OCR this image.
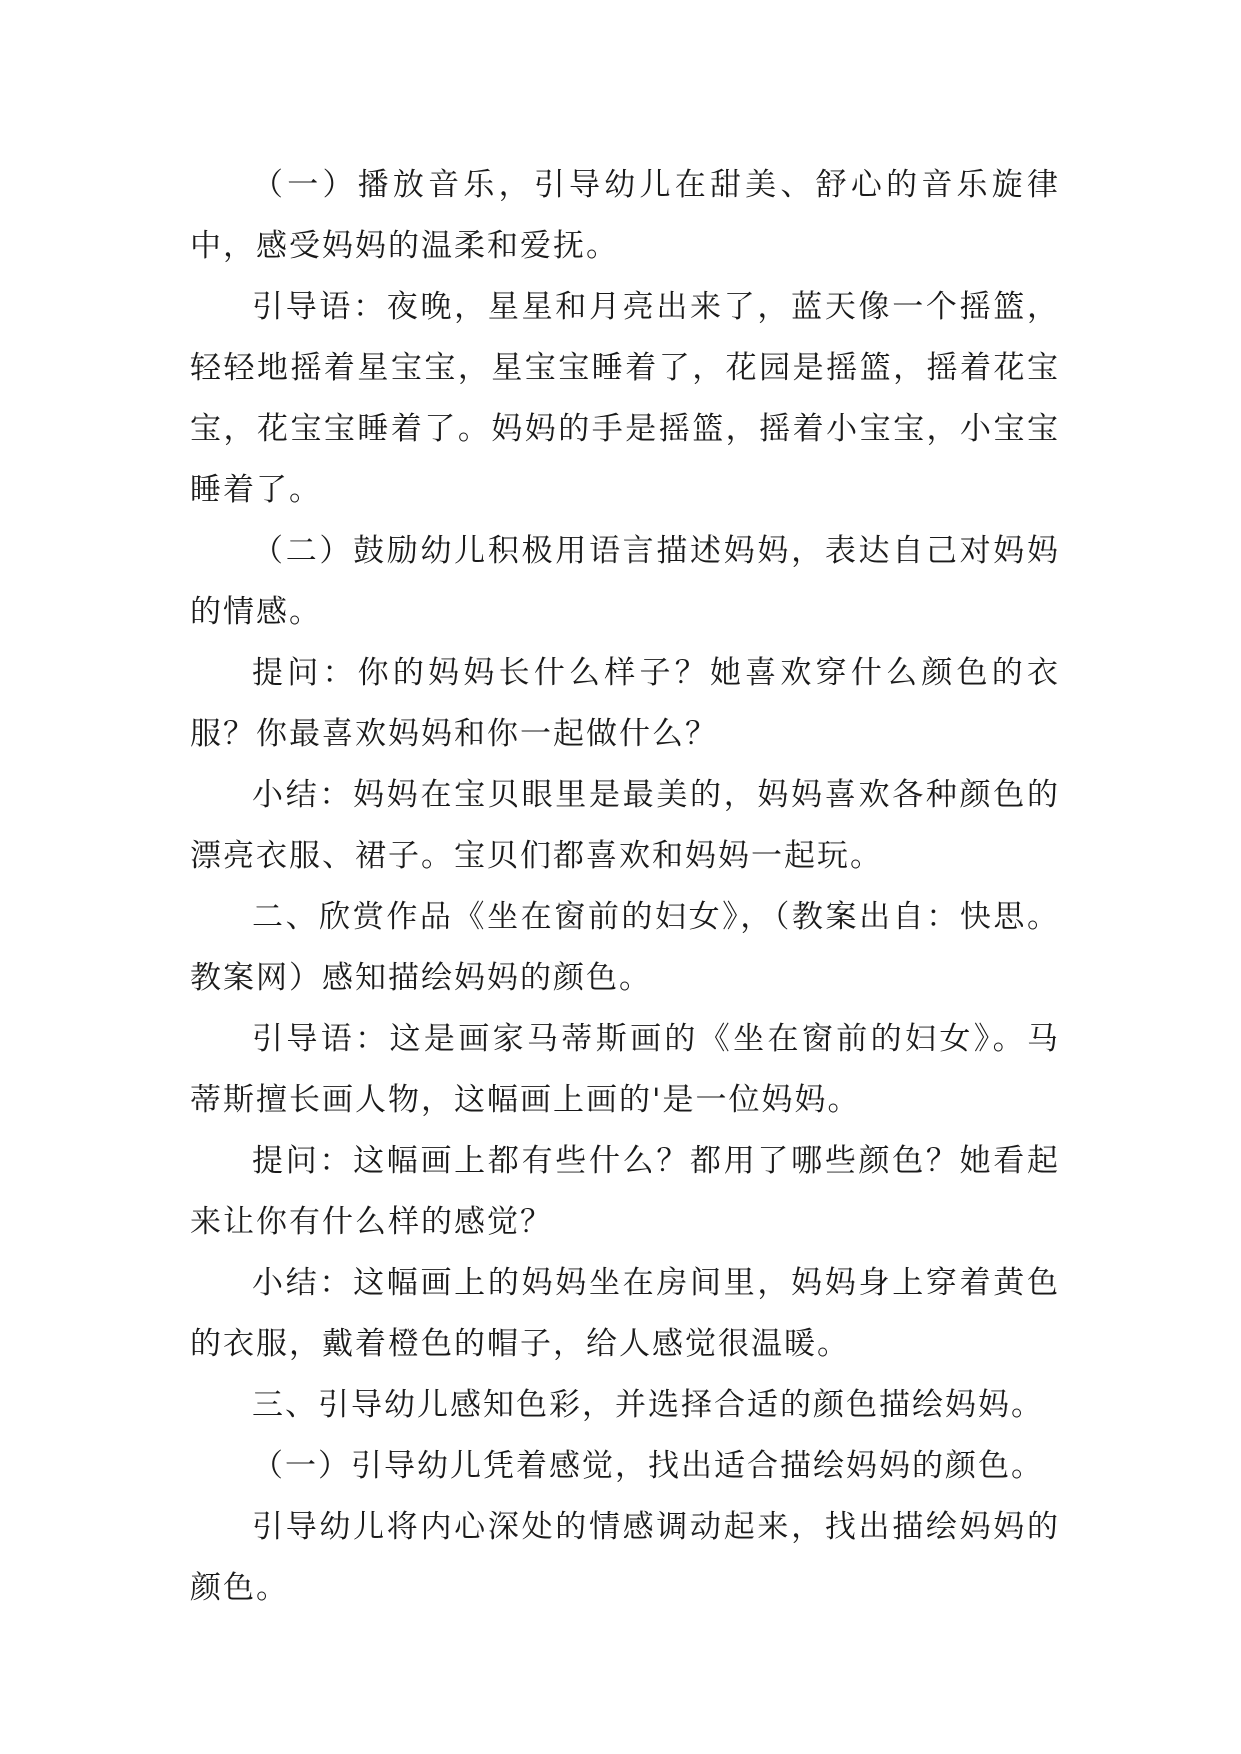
（一）播放音乐，引导幼儿在甜美、舒心的音乐旋律中，感受妈妈的温柔和爱抚。

引导语：夜晚，星星和月亮出来了，蓝天像一个摇篮，轻轻地摇着星宝宝，星宝宝睡着了，花园是摇篮，摇着花宝宝，花宝宝睡着了。妈妈的手是摇篮，摇着小宝宝，小宝宝睡着了。

（二）鼓励幼儿积极用语言描述妈妈，表达自己对妈妈的情感。

提问：你的妈妈长什么样子？她喜欢穿什么颜色的衣服？你最喜欢妈妈和你一起做什么？

小结：妈妈在宝贝眼里是最美的，妈妈喜欢各种颜色的漂亮衣服、裙子。宝贝们都喜欢和妈妈一起玩。

二、欣赏作品《坐在窗前的妇女》，（教案出自：快思。教案网）感知描绘妈妈的颜色。

引导语：这是画家马蒂斯画的《坐在窗前的妇女》。马蒂斯擅长画人物，这幅画上画的'是一位妈妈。

提问：这幅画上都有些什么？都用了哪些颜色？她看起来让你有什么样的感觉？

小结：这幅画上的妈妈坐在房间里，妈妈身上穿着黄色的衣服，戴着橙色的帽子，给人感觉很温暖。

三、引导幼儿感知色彩，并选择合适的颜色描绘妈妈。

（一）引导幼儿凭着感觉，找出适合描绘妈妈的颜色。

引导幼儿将内心深处的情感调动起来，找出描绘妈妈的颜色。
